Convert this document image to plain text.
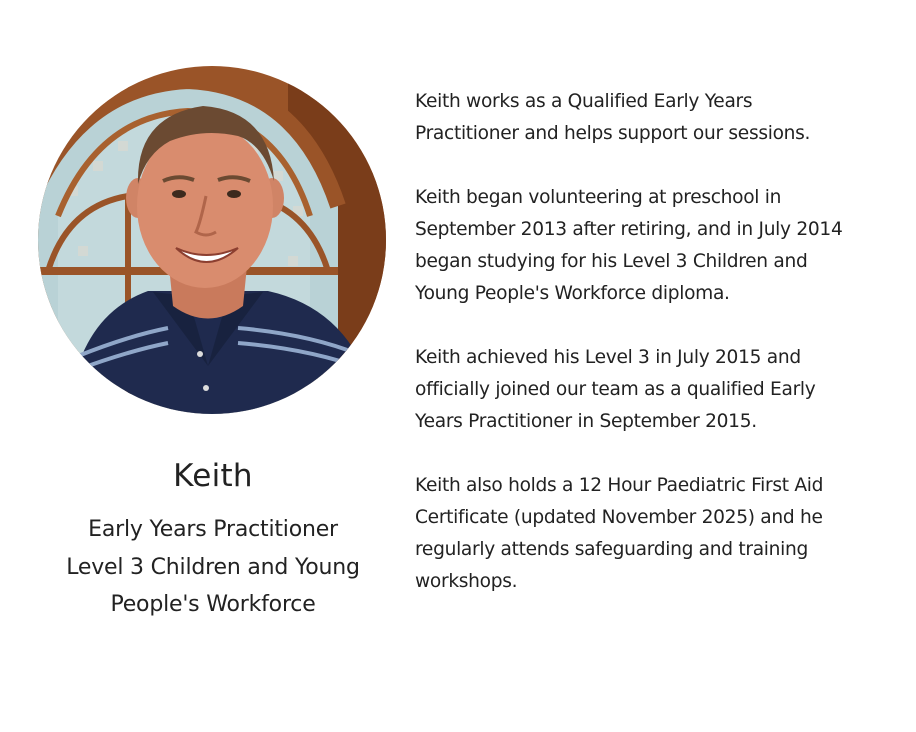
Keith
Early Years Practitioner
Level 3 Children and Young
People's Workforce

Keith works as a Qualified Early Years
Practitioner and helps support our sessions.

Keith began volunteering at preschool in
September 2013 after retiring, and in July 2014
began studying for his Level 3 Children and
Young People's Workforce diploma.

Keith achieved his Level 3 in July 2015 and
officially joined our team as a qualified Early
Years Practitioner in September 2015.

Keith also holds a 12 Hour Paediatric First Aid
Certificate (updated November 2025) and he
regularly attends safeguarding and training
workshops.
